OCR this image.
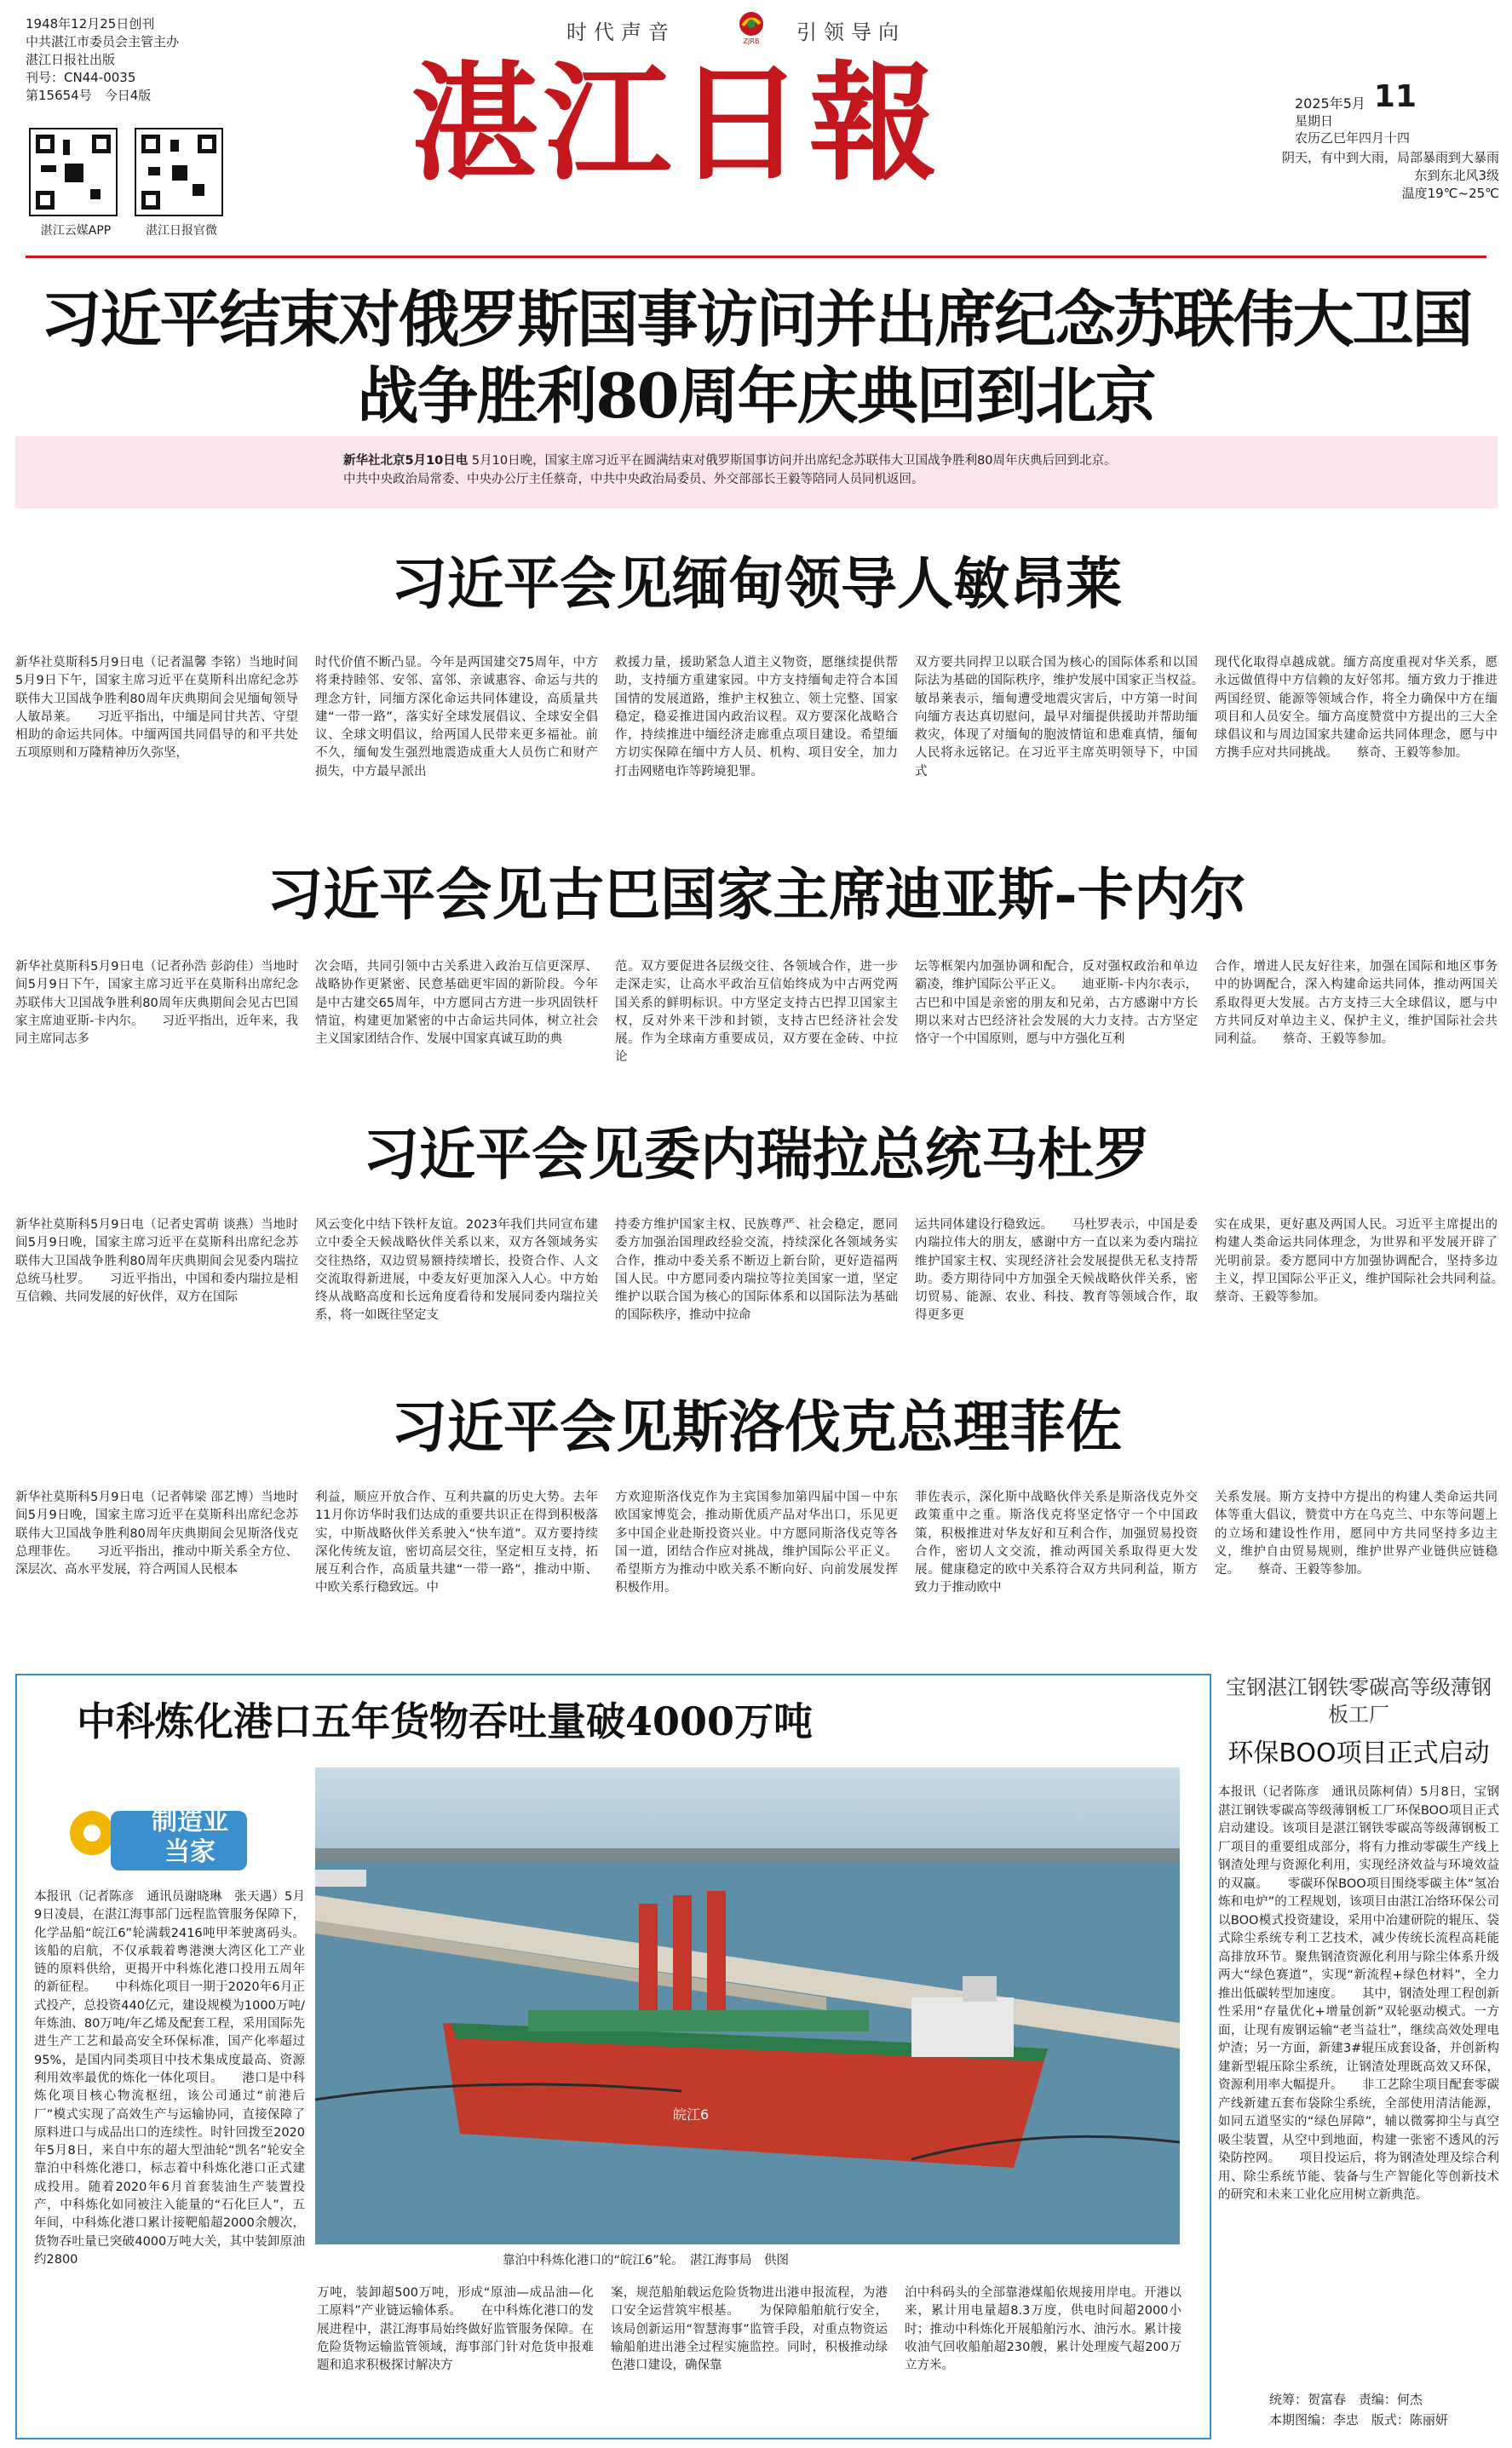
1948年12月25日创刊
中共湛江市委员会主管主办
湛江日报社出版
刊号：CN44-0035
第15654号　今日4版
湛江云媒APP	湛江日报官微
时代声音	ZJRB	引领导向
湛江日報	2025年5月 11
星期日
农历乙巳年四月十四
阴天，有中到大雨，局部暴雨到大暴雨
东到东北风3级
温度19℃~25℃
习近平结束对俄罗斯国事访问并出席纪念苏联伟大卫国战争胜利80周年庆典回到北京
新华社北京5月10日电 5月10日晚，国家主席习近平在圆满结束对俄罗斯国事访问并出席纪念苏联伟大卫国战争胜利80周年庆典后回到北京。
中共中央政治局常委、中央办公厅主任蔡奇，中共中央政治局委员、外交部部长王毅等陪同人员同机返回。
习近平会见缅甸领导人敏昂莱
新华社莫斯科5月9日电（记者温馨 李铭）当地时间5月9日下午，国家主席习近平在莫斯科出席纪念苏联伟大卫国战争胜利80周年庆典期间会见缅甸领导人敏昂莱。　　习近平指出，中缅是同甘共苦、守望相助的命运共同体。中缅两国共同倡导的和平共处五项原则和万隆精神历久弥坚，
时代价值不断凸显。今年是两国建交75周年，中方将秉持睦邻、安邻、富邻、亲诚惠容、命运与共的理念方针，同缅方深化命运共同体建设，高质量共建“一带一路”，落实好全球发展倡议、全球安全倡议、全球文明倡议，给两国人民带来更多福祉。前不久，缅甸发生强烈地震造成重大人员伤亡和财产损失，中方最早派出
救援力量，援助紧急人道主义物资，愿继续提供帮助，支持缅方重建家园。中方支持缅甸走符合本国国情的发展道路，维护主权独立、领土完整、国家稳定，稳妥推进国内政治议程。双方要深化战略合作，持续推进中缅经济走廊重点项目建设。希望缅方切实保障在缅中方人员、机构、项目安全，加力打击网赌电诈等跨境犯罪。
双方要共同捍卫以联合国为核心的国际体系和以国际法为基础的国际秩序，维护发展中国家正当权益。　　敏昂莱表示，缅甸遭受地震灾害后，中方第一时间向缅方表达真切慰问，最早对缅提供援助并帮助缅救灾，体现了对缅甸的胞波情谊和患难真情，缅甸人民将永远铭记。在习近平主席英明领导下，中国式
现代化取得卓越成就。缅方高度重视对华关系，愿永远做值得中方信赖的友好邻邦。缅方致力于推进两国经贸、能源等领域合作，将全力确保中方在缅项目和人员安全。缅方高度赞赏中方提出的三大全球倡议和与周边国家共建命运共同体理念，愿与中方携手应对共同挑战。　　蔡奇、王毅等参加。
习近平会见古巴国家主席迪亚斯-卡内尔
新华社莫斯科5月9日电（记者孙浩 彭韵佳）当地时间5月9日下午，国家主席习近平在莫斯科出席纪念苏联伟大卫国战争胜利80周年庆典期间会见古巴国家主席迪亚斯-卡内尔。　　习近平指出，近年来，我同主席同志多
次会晤，共同引领中古关系进入政治互信更深厚、战略协作更紧密、民意基础更牢固的新阶段。今年是中古建交65周年，中方愿同古方进一步巩固铁杆情谊，构建更加紧密的中古命运共同体，树立社会主义国家团结合作、发展中国家真诚互助的典
范。双方要促进各层级交往、各领域合作，进一步走深走实，让高水平政治互信始终成为中古两党两国关系的鲜明标识。中方坚定支持古巴捍卫国家主权，反对外来干涉和封锁，支持古巴经济社会发展。作为全球南方重要成员，双方要在金砖、中拉论
坛等框架内加强协调和配合，反对强权政治和单边霸凌，维护国际公平正义。　　迪亚斯-卡内尔表示，古巴和中国是亲密的朋友和兄弟，古方感谢中方长期以来对古巴经济社会发展的大力支持。古方坚定恪守一个中国原则，愿与中方强化互利
合作，增进人民友好往来，加强在国际和地区事务中的协调配合，深入构建命运共同体，推动两国关系取得更大发展。古方支持三大全球倡议，愿与中方共同反对单边主义、保护主义，维护国际社会共同利益。　　蔡奇、王毅等参加。
习近平会见委内瑞拉总统马杜罗
新华社莫斯科5月9日电（记者史霄萌 谈燕）当地时间5月9日晚，国家主席习近平在莫斯科出席纪念苏联伟大卫国战争胜利80周年庆典期间会见委内瑞拉总统马杜罗。　　习近平指出，中国和委内瑞拉是相互信赖、共同发展的好伙伴，双方在国际
风云变化中结下铁杆友谊。2023年我们共同宣布建立中委全天候战略伙伴关系以来，双方各领域务实交往热络，双边贸易额持续增长，投资合作、人文交流取得新进展，中委友好更加深入人心。中方始终从战略高度和长远角度看待和发展同委内瑞拉关系，将一如既往坚定支
持委方维护国家主权、民族尊严、社会稳定，愿同委方加强治国理政经验交流，持续深化各领域务实合作，推动中委关系不断迈上新台阶，更好造福两国人民。中方愿同委内瑞拉等拉美国家一道，坚定维护以联合国为核心的国际体系和以国际法为基础的国际秩序，推动中拉命
运共同体建设行稳致远。　　马杜罗表示，中国是委内瑞拉伟大的朋友，感谢中方一直以来为委内瑞拉维护国家主权、实现经济社会发展提供无私支持帮助。委方期待同中方加强全天候战略伙伴关系，密切贸易、能源、农业、科技、教育等领域合作，取得更多更
实在成果，更好惠及两国人民。习近平主席提出的构建人类命运共同体理念，为世界和平发展开辟了光明前景。委方愿同中方加强协调配合，坚持多边主义，捍卫国际公平正义，维护国际社会共同利益。　　蔡奇、王毅等参加。
习近平会见斯洛伐克总理菲佐
新华社莫斯科5月9日电（记者韩梁 邵艺博）当地时间5月9日晚，国家主席习近平在莫斯科出席纪念苏联伟大卫国战争胜利80周年庆典期间会见斯洛伐克总理菲佐。　　习近平指出，推动中斯关系全方位、深层次、高水平发展，符合两国人民根本
利益，顺应开放合作、互利共赢的历史大势。去年11月你访华时我们达成的重要共识正在得到积极落实，中斯战略伙伴关系驶入“快车道”。双方要持续深化传统友谊，密切高层交往，坚定相互支持，拓展互利合作，高质量共建“一带一路”，推动中斯、中欧关系行稳致远。中
方欢迎斯洛伐克作为主宾国参加第四届中国－中东欧国家博览会，推动斯优质产品对华出口，乐见更多中国企业赴斯投资兴业。中方愿同斯洛伐克等各国一道，团结合作应对挑战，维护国际公平正义。希望斯方为推动中欧关系不断向好、向前发展发挥积极作用。
菲佐表示，深化斯中战略伙伴关系是斯洛伐克外交政策重中之重。斯洛伐克将坚定恪守一个中国政策，积极推进对华友好和互利合作，加强贸易投资合作，密切人文交流，推动两国关系取得更大发展。健康稳定的欧中关系符合双方共同利益，斯方致力于推动欧中
关系发展。斯方支持中方提出的构建人类命运共同体等重大倡议，赞赏中方在乌克兰、中东等问题上的立场和建设性作用，愿同中方共同坚持多边主义，维护自由贸易规则，维护世界产业链供应链稳定。　　蔡奇、王毅等参加。
中科炼化港口五年货物吞吐量破4000万吨
制造业
当家
皖江6
靠泊中科炼化港口的“皖江6”轮。　湛江海事局　供图
本报讯（记者陈彦　通讯员谢晓琳　张天遇）5月9日凌晨，在湛江海事部门远程监管服务保障下，化学品船“皖江6”轮满载2416吨甲苯驶离码头。该船的启航，不仅承载着粤港澳大湾区化工产业链的原料供给，更揭开中科炼化港口投用五周年的新征程。　　中科炼化项目一期于2020年6月正式投产，总投资440亿元，建设规模为1000万吨/年炼油、80万吨/年乙烯及配套工程，采用国际先进生产工艺和最高安全环保标准，国产化率超过95%，是国内同类项目中技术集成度最高、资源利用效率最优的炼化一体化项目。　　港口是中科炼化项目核心物流枢纽，该公司通过“前港后厂”模式实现了高效生产与运输协同，直接保障了原料进口与成品出口的连续性。时针回拨至2020年5月8日，来自中东的超大型油轮“凯名”轮安全靠泊中科炼化港口，标志着中科炼化港口正式建成投用。随着2020年6月首套装油生产装置投产，中科炼化如同被注入能量的“石化巨人”，五年间，中科炼化港口累计接靶船超2000余艘次，货物吞吐量已突破4000万吨大关，其中装卸原油约2800
万吨，装卸超500万吨，形成“原油—成品油—化工原料”产业链运输体系。　　在中科炼化港口的发展进程中，湛江海事局始终做好监管服务保障。在危险货物运输监管领域，海事部门针对危货申报难题和追求积极探讨解决方
案，规范船舶载运危险货物进出港申报流程，为港口安全运营筑牢根基。　　为保障船舶航行安全，该局创新运用“智慧海事”监管手段，对重点物资运输船舶进出港全过程实施监控。同时，积极推动绿色港口建设，确保靠
泊中科码头的全部靠港煤船依规接用岸电。开港以来，累计用电量超8.3万度，供电时间超2000小时；推动中科炼化开展船舶污水、油污水。累计接收油气回收船舶超230艘，累计处理废气超200万立方米。
宝钢湛江钢铁零碳高等级薄钢板工厂
环保BOO项目正式启动
本报讯（记者陈彦　通讯员陈柯倩）5月8日，宝钢湛江钢铁零碳高等级薄钢板工厂环保BOO项目正式启动建设。该项目是湛江钢铁零碳高等级薄钢板工厂项目的重要组成部分，将有力推动零碳生产线上钢渣处理与资源化利用，实现经济效益与环境效益的双赢。　　零碳环保BOO项目围绕零碳主体“氢冶炼和电炉”的工程规划，该项目由湛江冶络环保公司以BOO模式投资建设，采用中冶建研院的辊压、袋式除尘系统专利工艺技术，减少传统长流程高耗能高排放环节。聚焦钢渣资源化利用与除尘体系升级两大“绿色赛道”，实现“新流程+绿色材料”，全力推出低碳转型加速度。　　其中，钢渣处理工程创新性采用“存量优化+增量创新”双轮驱动模式。一方面，让现有废钢运输“老当益壮”，继续高效处理电炉渣；另一方面，新建3#辊压成套设备，并创新构建新型辊压除尘系统，让钢渣处理既高效又环保，资源利用率大幅提升。　　非工艺除尘项目配套零碳产线新建五套布袋除尘系统，全部使用清洁能源，如同五道坚实的“绿色屏障”，辅以微雾抑尘与真空吸尘装置，从空中到地面，构建一张密不透风的污染防控网。　　项目投运后，将为钢渣处理及综合利用、除尘系统节能、装备与生产智能化等创新技术的研究和未来工业化应用树立新典范。
统筹：贺富春 责编：何杰
本期图编：李忠 版式：陈丽妍
